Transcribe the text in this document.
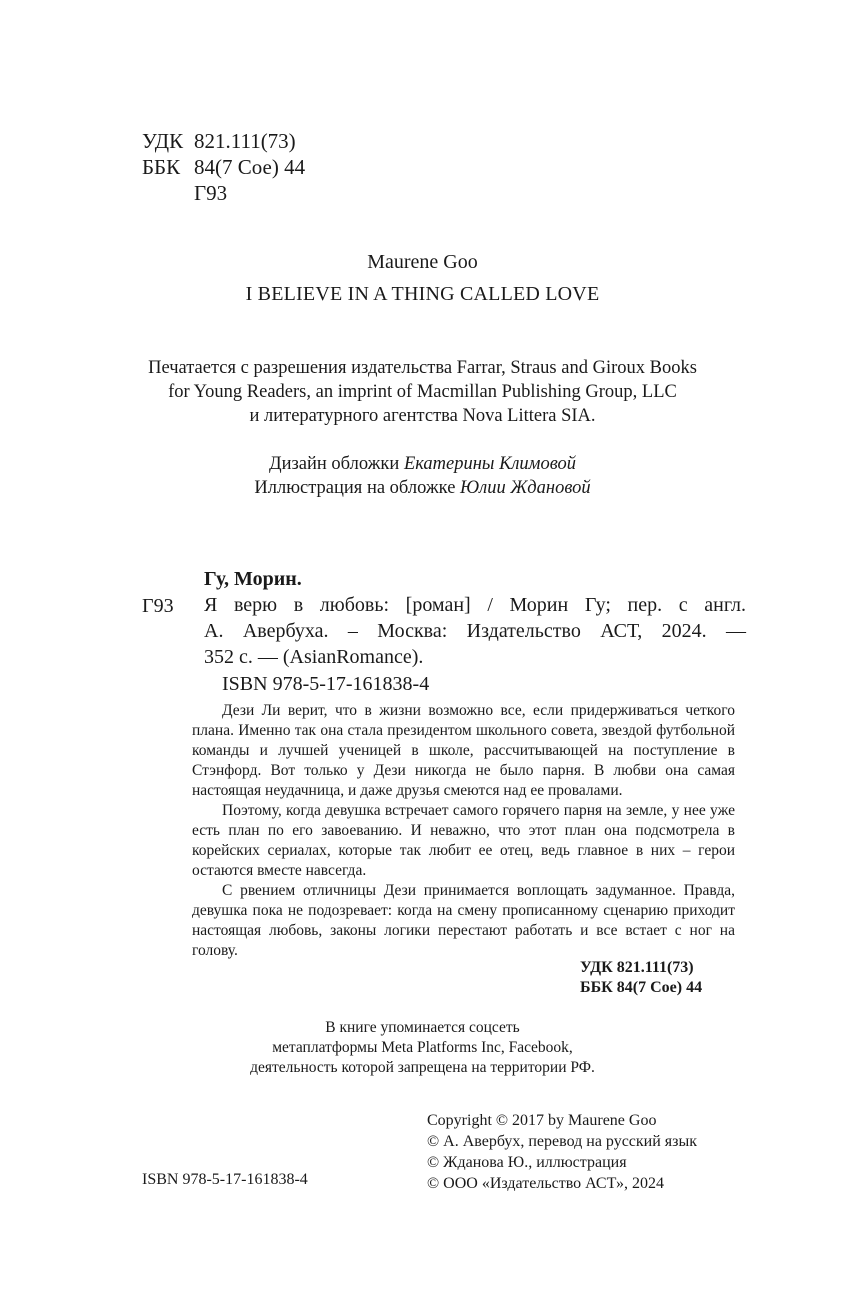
УДК 821.111(73)
ББК 84(7 Сое) 44
Г93
Maurene Goo
I BELIEVE IN A THING CALLED LOVE
Печатается с разрешения издательства Farrar, Straus and Giroux Books
for Young Readers, an imprint of Macmillan Publishing Group, LLC
и литературного агентства Nova Littera SIA.
Дизайн обложки Екатерины Климовой
Иллюстрация на обложке Юлии Ждановой
Гу, Морин.
Г93 Я верю в любовь: [роман] / Морин Гу; пер. с англ.
А. Авербуха. – Москва: Издательство АСТ, 2024. —
352 с. — (AsianRomance).
ISBN 978-5-17-161838-4

Дези Ли верит, что в жизни возможно все, если придерживаться четкого плана. Именно так она стала президентом школьного совета, звездой футбольной команды и лучшей ученицей в школе, рассчитывающей на поступление в Стэнфорд. Вот только у Дези никогда не было парня. В любви она самая настоящая неудачница, и даже друзья смеются над ее провалами.

Поэтому, когда девушка встречает самого горячего парня на земле, у нее уже есть план по его завоеванию. И неважно, что этот план она подсмотрела в корейских сериалах, которые так любит ее отец, ведь главное в них – герои остаются вместе навсегда.

С рвением отличницы Дези принимается воплощать задуманное. Правда, девушка пока не подозревает: когда на смену прописанному сценарию приходит настоящая любовь, законы логики перестают работать и все встает с ног на голову.

УДК 821.111(73)
ББК 84(7 Сое) 44
В книге упоминается соцсеть
метаплатформы Meta Platforms Inc, Facebook,
деятельность которой запрещена на территории РФ.
Copyright © 2017 by Maurene Goo
© А. Авербух, перевод на русский язык
© Жданова Ю., иллюстрация
© ООО «Издательство АСТ», 2024
ISBN 978-5-17-161838-4
